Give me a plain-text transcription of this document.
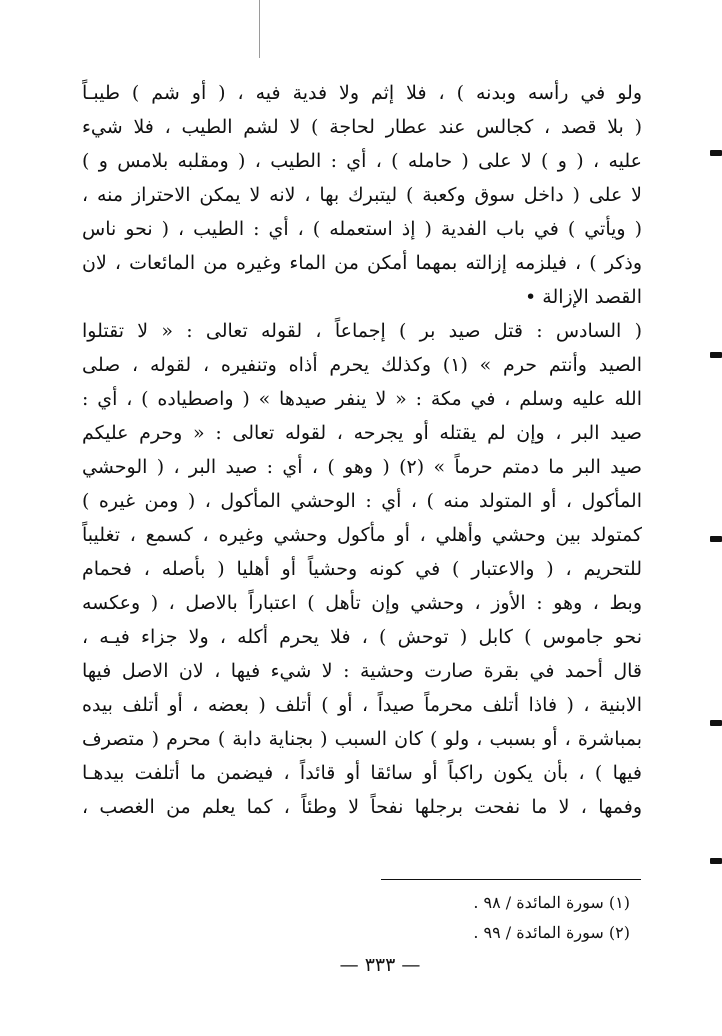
ولو في رأسه وبدنه ) ، فلا إثم ولا فدية فيه ، ( أو شم ) طيبـاً
( بلا قصد ، كجالس عند عطار لحاجة ) لا لشم الطيب ، فلا شيء
عليه ، ( و ) لا على ( حامله ) ، أي : الطيب ، ( ومقلبه بلامس و )
لا على ( داخل سوق وكعبة ) ليتبرك بها ، لانه لا يمكن الاحتراز منه ،
( ويأتي ) في باب الفدية ( إذ استعمله ) ، أي : الطيب ، ( نحو ناس
وذكر ) ، فيلزمه إزالته بمهما أمكن من الماء وغيره من المائعات ، لان
القصد الإزالة •
( السادس : قتل صيد بر ) إجماعاً ، لقوله تعالى : « لا تقتلوا
الصيد وأنتم حرم » (١) وكذلك يحرم أذاه وتنفيره ، لقوله ، صلى
الله عليه وسلم ، في مكة : « لا ينفر صيدها » ( واصطياده ) ، أي :
صيد البر ، وإن لم يقتله أو يجرحه ، لقوله تعالى : « وحرم عليكم
صيد البر ما دمتم حرماً » (٢) ( وهو ) ، أي : صيد البر ، ( الوحشي
المأكول ، أو المتولد منه ) ، أي : الوحشي المأكول ، ( ومن غيره )
كمتولد بين وحشي وأهلي ، أو مأكول وحشي وغيره ، كسمع ، تغليباً
للتحريم ، ( والاعتبار ) في كونه وحشياً أو أهليا ( بأصله ، فحمام
وبط ، وهو : الأوز ، وحشي وإن تأهل ) اعتباراً بالاصل ، ( وعكسه
نحو جاموس ) كابل ( توحش ) ، فلا يحرم أكله ، ولا جزاء فيـه ،
قال أحمد في بقرة صارت وحشية : لا شيء فيها ، لان الاصل فيها
الابنية ، ( فاذا أتلف محرماً صيداً ، أو ) أتلف ( بعضه ، أو أتلف بيده
بمباشرة ، أو بسبب ، ولو ) كان السبب ( بجناية دابة ) محرم ( متصرف
فيها ) ، بأن يكون راكباً أو سائقا أو قائداً ، فيضمن ما أتلفت بيدهـا
وفمها ، لا ما نفحت برجلها نفحاً لا وطئاً ، كما يعلم من الغصب ،
(١) سورة المائدة / ٩٨ .
(٢) سورة المائدة / ٩٩ .
— ٣٣٣ —
